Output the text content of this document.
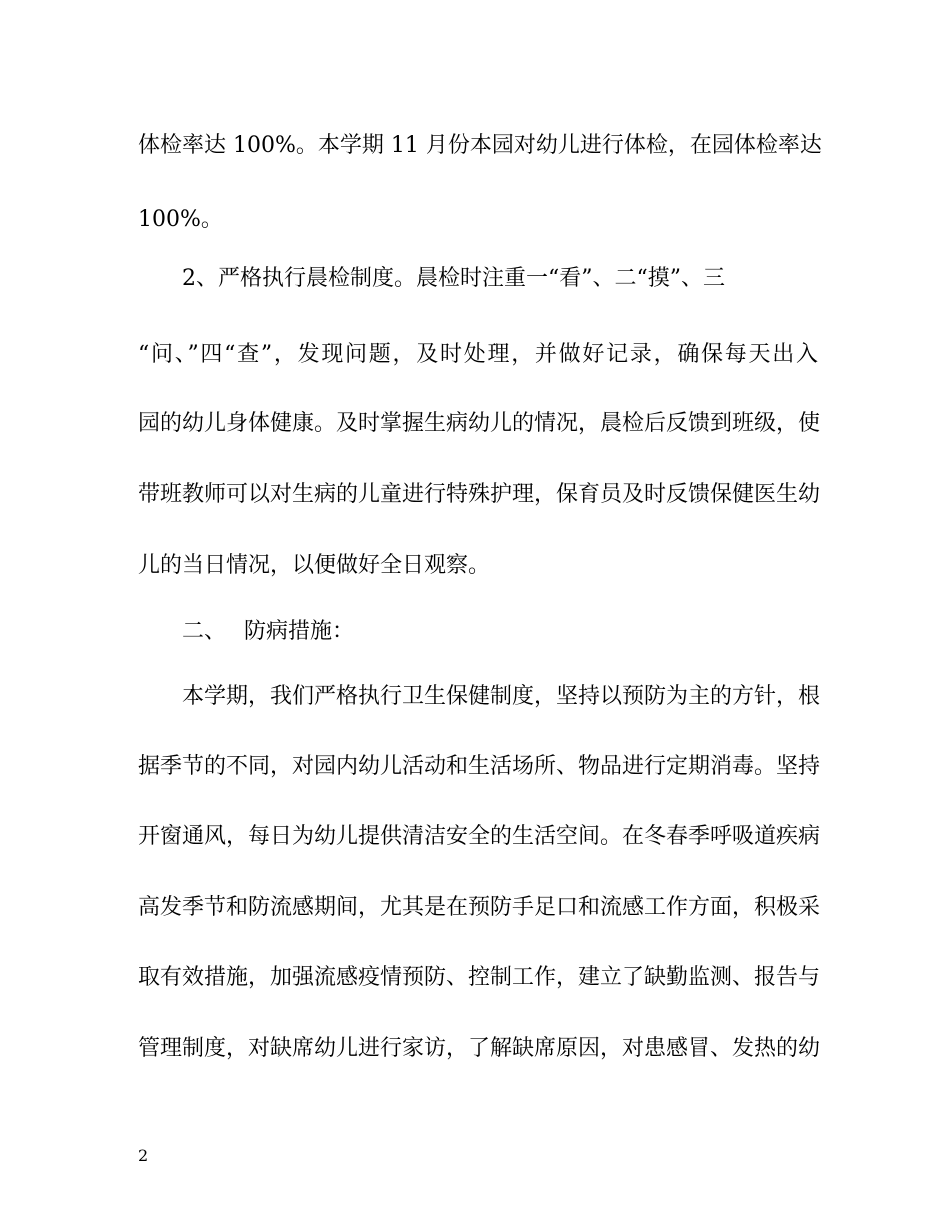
体检率达 100%。本学期 11 月份本园对幼儿进行体检，在园体检率达
100%。
2、严格执行晨检制度。晨检时注重一“看”、二“摸”、三
“问、”四“查”，发现问题，及时处理，并做好记录，确保每天出入
园的幼儿身体健康。及时掌握生病幼儿的情况，晨检后反馈到班级，使
带班教师可以对生病的儿童进行特殊护理，保育员及时反馈保健医生幼
儿的当日情况，以便做好全日观察。
二、 防病措施：
本学期，我们严格执行卫生保健制度，坚持以预防为主的方针，根
据季节的不同，对园内幼儿活动和生活场所、物品进行定期消毒。坚持
开窗通风，每日为幼儿提供清洁安全的生活空间。在冬春季呼吸道疾病
高发季节和防流感期间，尤其是在预防手足口和流感工作方面，积极采
取有效措施，加强流感疫情预防、控制工作，建立了缺勤监测、报告与
管理制度，对缺席幼儿进行家访，了解缺席原因，对患感冒、发热的幼
2
